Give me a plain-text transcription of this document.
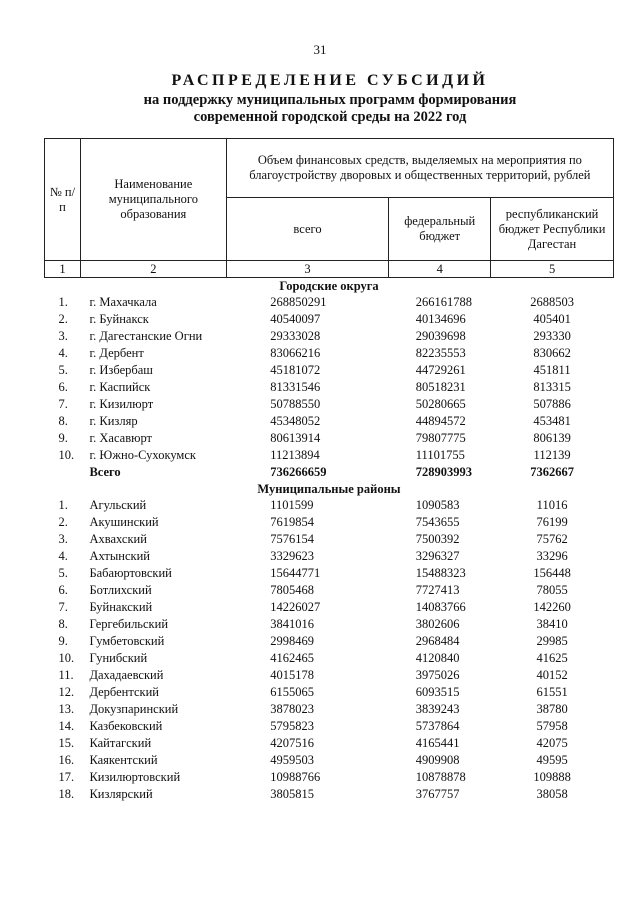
31
РАСПРЕДЕЛЕНИЕ СУБСИДИЙ
на поддержку муниципальных программ формирования современной городской среды на 2022 год
№ п/п	Наименование муниципального образования	Объем финансовых средств, выделяемых на мероприятия по благоустройству дворовых и общественных территорий, рублей		
		всего	федеральный бюджет	республиканский бюджет Республики Дагестан
1	2	3	4	5
Городские округа				
1.	г. Махачкала	268850291	266161788	2688503
2.	г. Буйнакск	40540097	40134696	405401
3.	г. Дагестанские Огни	29333028	29039698	293330
4.	г. Дербент	83066216	82235553	830662
5.	г. Избербаш	45181072	44729261	451811
6.	г. Каспийск	81331546	80518231	813315
7.	г. Кизилюрт	50788550	50280665	507886
8.	г. Кизляр	45348052	44894572	453481
9.	г. Хасавюрт	80613914	79807775	806139
10.	г. Южно-Сухокумск	11213894	11101755	112139
	Всего	736266659	728903993	7362667
Муниципальные районы				
1.	Агульский	1101599	1090583	11016
2.	Акушинский	7619854	7543655	76199
3.	Ахвахский	7576154	7500392	75762
4.	Ахтынский	3329623	3296327	33296
5.	Бабаюртовский	15644771	15488323	156448
6.	Ботлихский	7805468	7727413	78055
7.	Буйнакский	14226027	14083766	142260
8.	Гергебильский	3841016	3802606	38410
9.	Гумбетовский	2998469	2968484	29985
10.	Гунибский	4162465	4120840	41625
11.	Дахадаевский	4015178	3975026	40152
12.	Дербентский	6155065	6093515	61551
13.	Докузпаринский	3878023	3839243	38780
14.	Казбековский	5795823	5737864	57958
15.	Кайтагский	4207516	4165441	42075
16.	Каякентский	4959503	4909908	49595
17.	Кизилюртовский	10988766	10878878	109888
18.	Кизлярский	3805815	3767757	38058
